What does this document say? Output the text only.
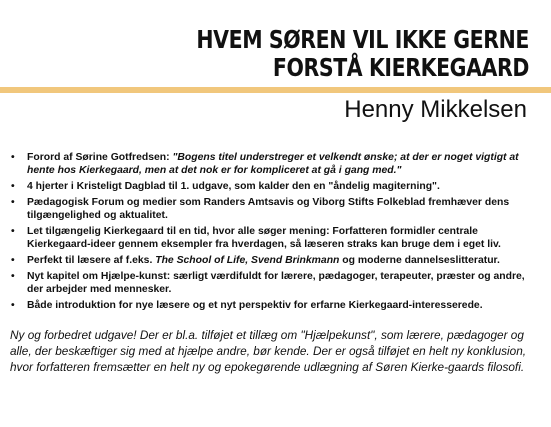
HVEM SØREN VIL IKKE GERNE
FORSTÅ KIERKEGAARD
Henny Mikkelsen
• Forord af Sørine Gotfredsen: "Bogens titel understreger et velkendt ønske; at der er noget vigtigt at hente hos Kierkegaard, men at det nok er for kompliceret at gå i gang med."
• 4 hjerter i Kristeligt Dagblad til 1. udgave, som kalder den en "åndelig magiterning".
• Pædagogisk Forum og medier som Randers Amtsavis og Viborg Stifts Folkeblad fremhæver dens tilgængelighed og aktualitet.
• Let tilgængelig Kierkegaard til en tid, hvor alle søger mening: Forfatteren formidler centrale Kierkegaard-ideer gennem eksempler fra hverdagen, så læseren straks kan bruge dem i eget liv.
• Perfekt til læsere af f.eks. The School of Life, Svend Brinkmann og moderne dannelseslitteratur.
• Nyt kapitel om Hjælpe-kunst: særligt værdifuldt for lærere, pædagoger, terapeuter, præster og andre, der arbejder med mennesker.
• Både introduktion for nye læsere og et nyt perspektiv for erfarne Kierkegaard-interesserede.

Ny og forbedret udgave! Der er bl.a. tilføjet et tillæg om "Hjælpekunst", som lærere, pædagoger og alle, der beskæftiger sig med at hjælpe andre, bør kende. Der er også tilføjet en helt ny konklusion, hvor forfatteren fremsætter en helt ny og epokegørende udlægning af Søren Kierke-gaards filosofi.
